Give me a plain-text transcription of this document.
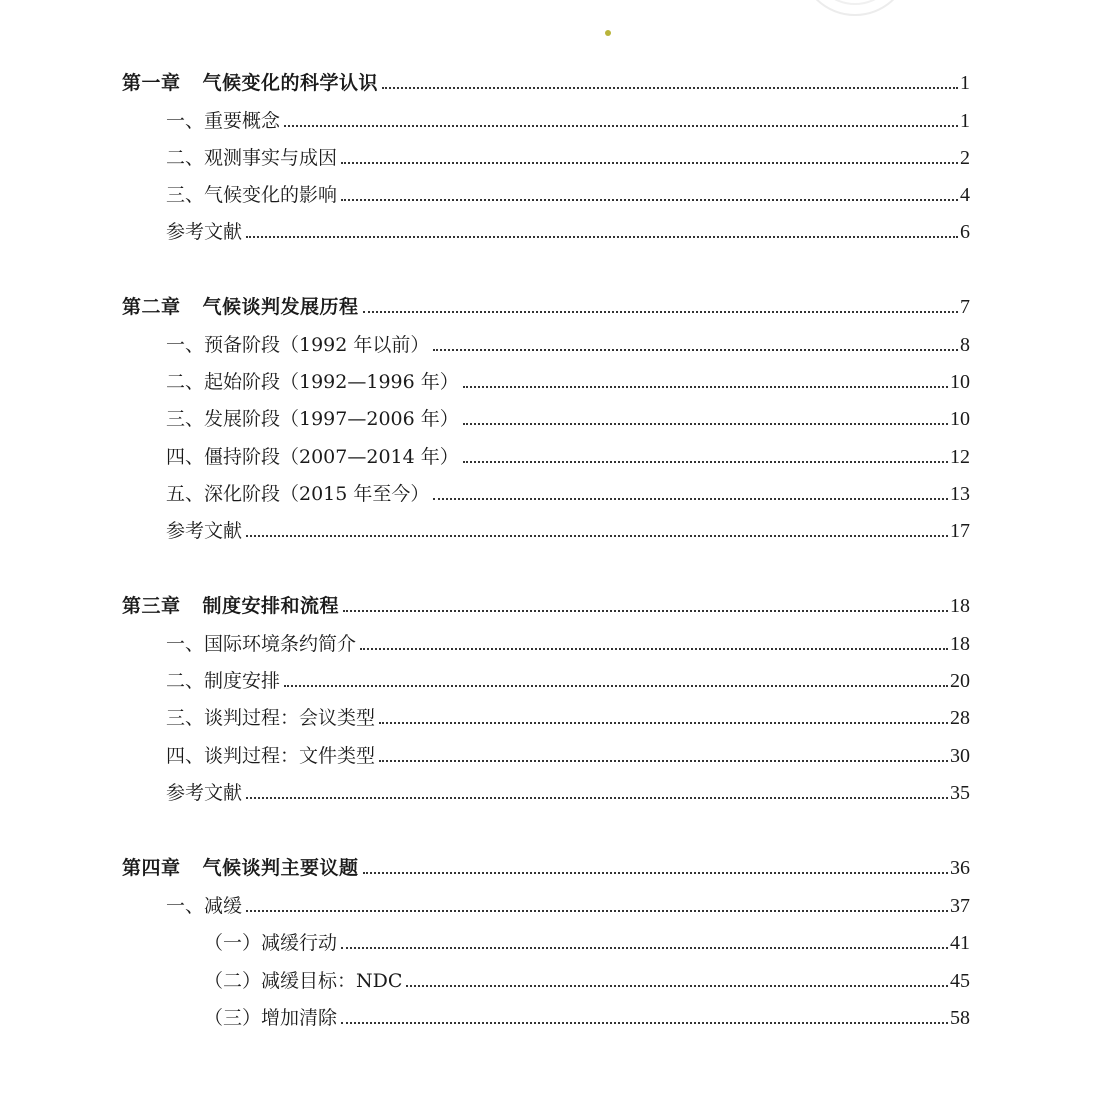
第一章 气候变化的科学认识	1
一、重要概念	1
二、观测事实与成因	2
三、气候变化的影响	4
参考文献	6
第二章 气候谈判发展历程	7
一、预备阶段（1992 年以前）	8
二、起始阶段（1992—1996 年）	10
三、发展阶段（1997—2006 年）	10
四、僵持阶段（2007—2014 年）	12
五、深化阶段（2015 年至今）	13
参考文献	17
第三章 制度安排和流程	18
一、国际环境条约简介	18
二、制度安排	20
三、谈判过程：会议类型	28
四、谈判过程：文件类型	30
参考文献	35
第四章 气候谈判主要议题	36
一、减缓	37
（一）减缓行动	41
（二）减缓目标：NDC	45
（三）增加清除	58
